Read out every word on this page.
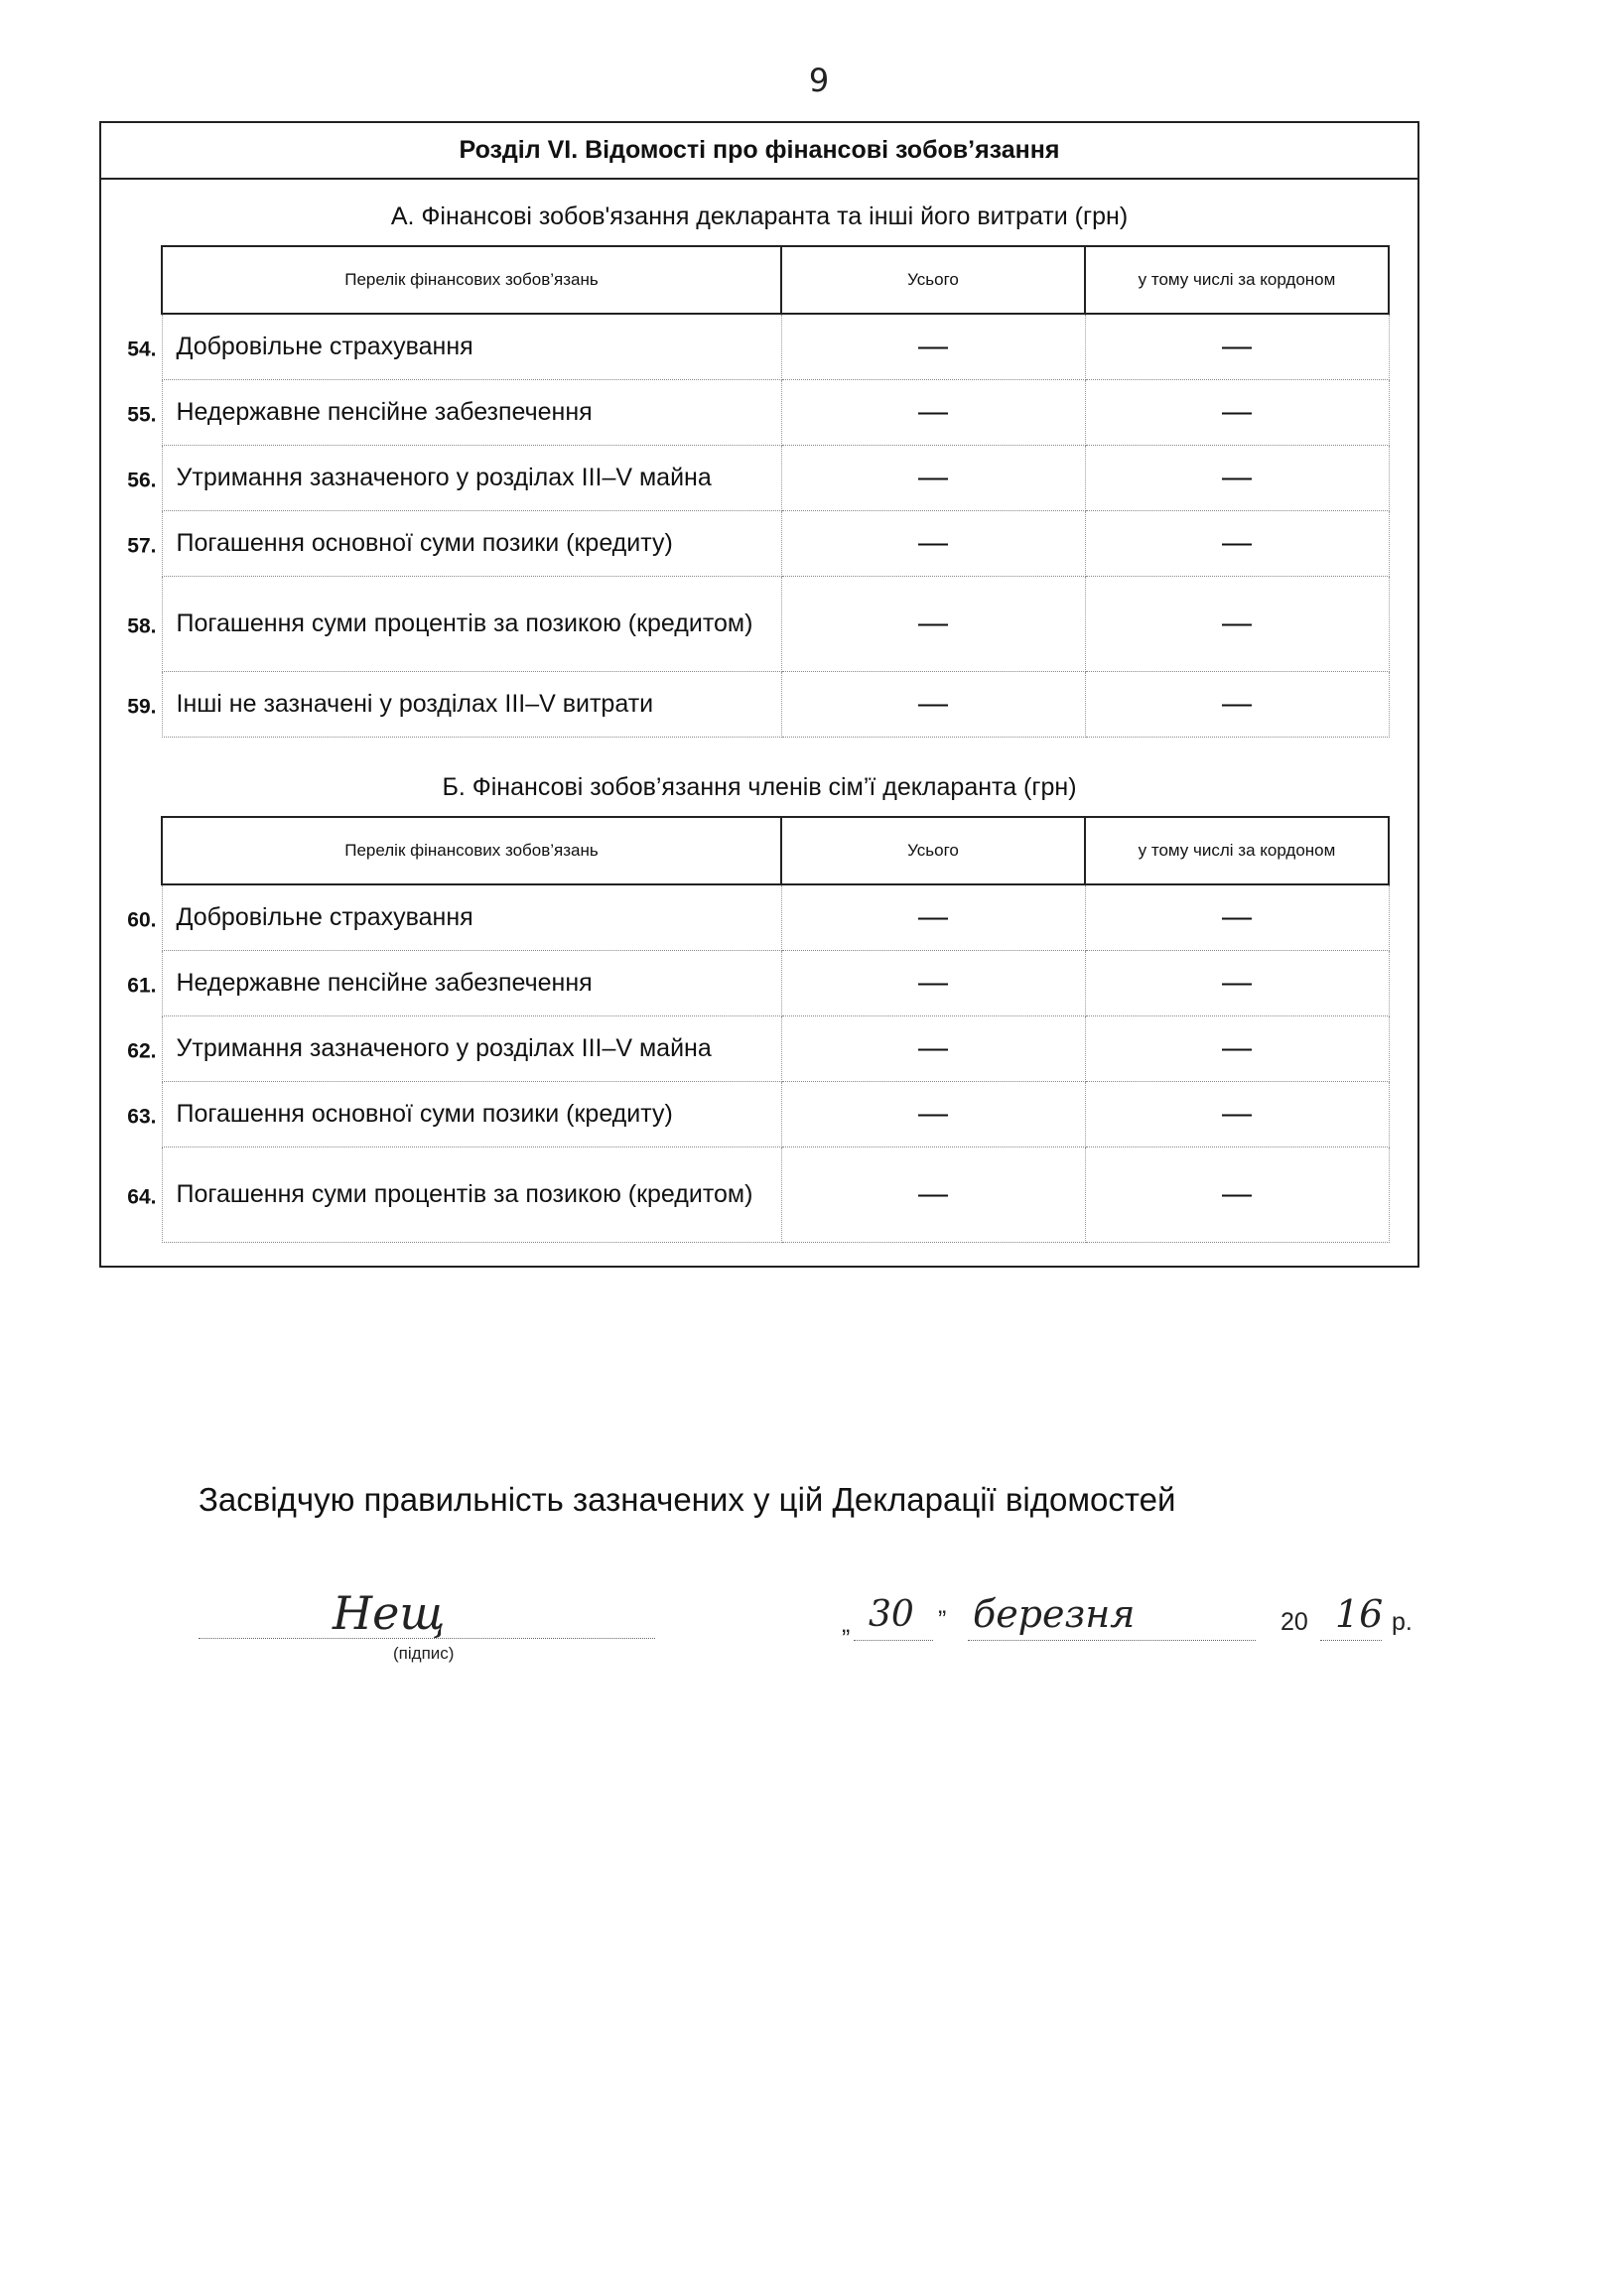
9
Розділ VI. Відомості про фінансові зобов’язання
А. Фінансові зобов'язання декларанта та інші його витрати (грн)
Перелік фінансових зобов’язань	Усього	у тому числі за кордоном

54. Добровільне страхування	—	—

55. Недержавне пенсійне забезпечення	—	—

56. Утримання зазначеного у розділах III–V майна	—	—

57. Погашення основної суми позики (кредиту)	—	—

58. Погашення суми процентів за позикою (кредитом)	—	—

59. Інші не зазначені у розділах III–V витрати	—	—
Б. Фінансові зобов’язання членів сім’ї декларанта (грн)
Перелік фінансових зобов’язань	Усього	у тому числі за кордоном

60. Добровільне страхування	—	—

61. Недержавне пенсійне забезпечення	—	—

62. Утримання зазначеного у розділах III–V майна	—	—

63. Погашення основної суми позики (кредиту)	—	—

64. Погашення суми процентів за позикою (кредитом)	—	—
Засвідчую правильність зазначених у цій Декларації відомостей
Нещ
(підпис)
„ 30 ” березня	20 16 р.
